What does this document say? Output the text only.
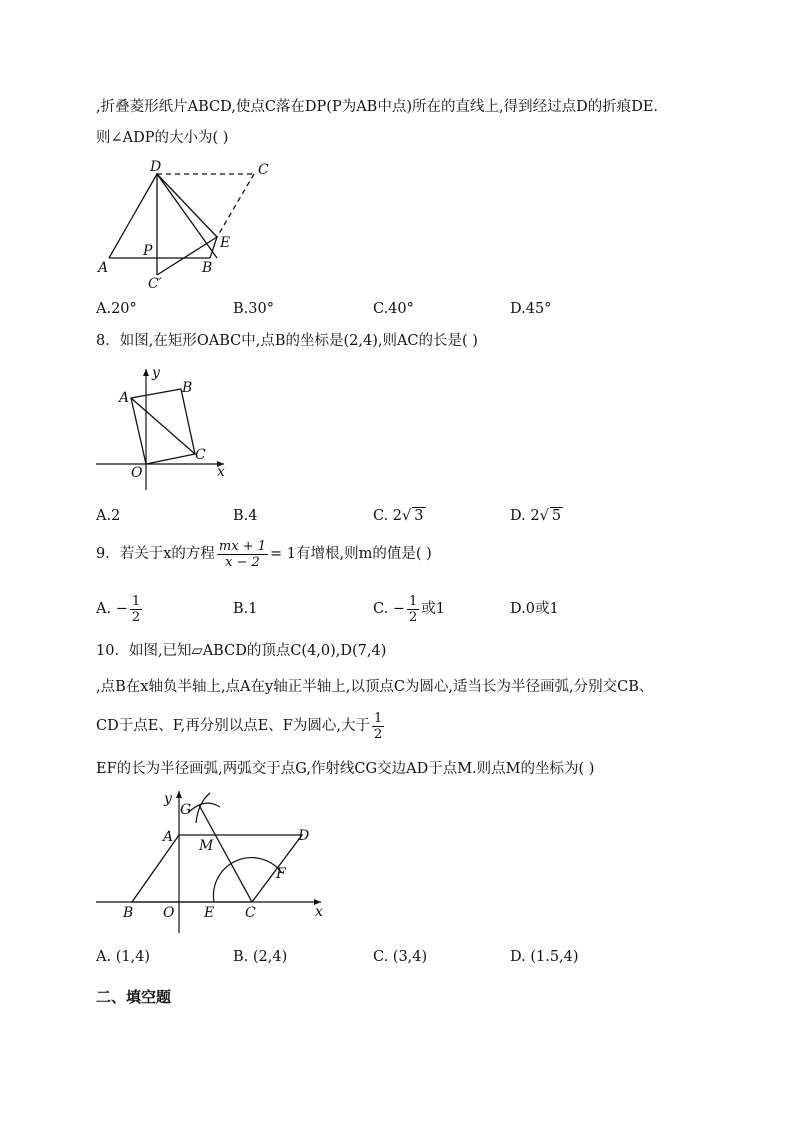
,折叠菱形纸片ABCD,使点C落在DP(P为AB中点)所在的直线上,得到经过点D的折痕DE.
则∠ADP的大小为( )
D	C
P	E
A
C′
B
A.20°	B.30°	C.40°	D.45°
8．如图,在矩形OABC中,点B的坐标是(2,4),则AC的长是( )
y
A
B
C
O	x
A.2	B.4	C. 2√ 3	D. 2√ 5
9．若关于x的方程 $\frac{mx + 1}{x - 2} = 1$有增根,则m的值是( )
A. − $\frac{1}{2}$	B.1	C. − $\frac{1}{2}$ 或1	D.0或1
10．如图,已知▱ABCD的顶点C(4,0),D(7,4)
,点B在x轴负半轴上,点A在y轴正半轴上,以顶点C为圆心,适当长为半径画弧,分别交CB、
CD于点E、F,再分别以点E、F为圆心,大于 $\frac{1}{2}$
EF的长为半径画弧,两弧交于点G,作射线CG交边AD于点M.则点M的坐标为( )
y
G
A
M
D
F
B O E C	x
A. (1,4)	B. (2,4)	C. (3,4)	D. (1.5,4)
二、填空题
